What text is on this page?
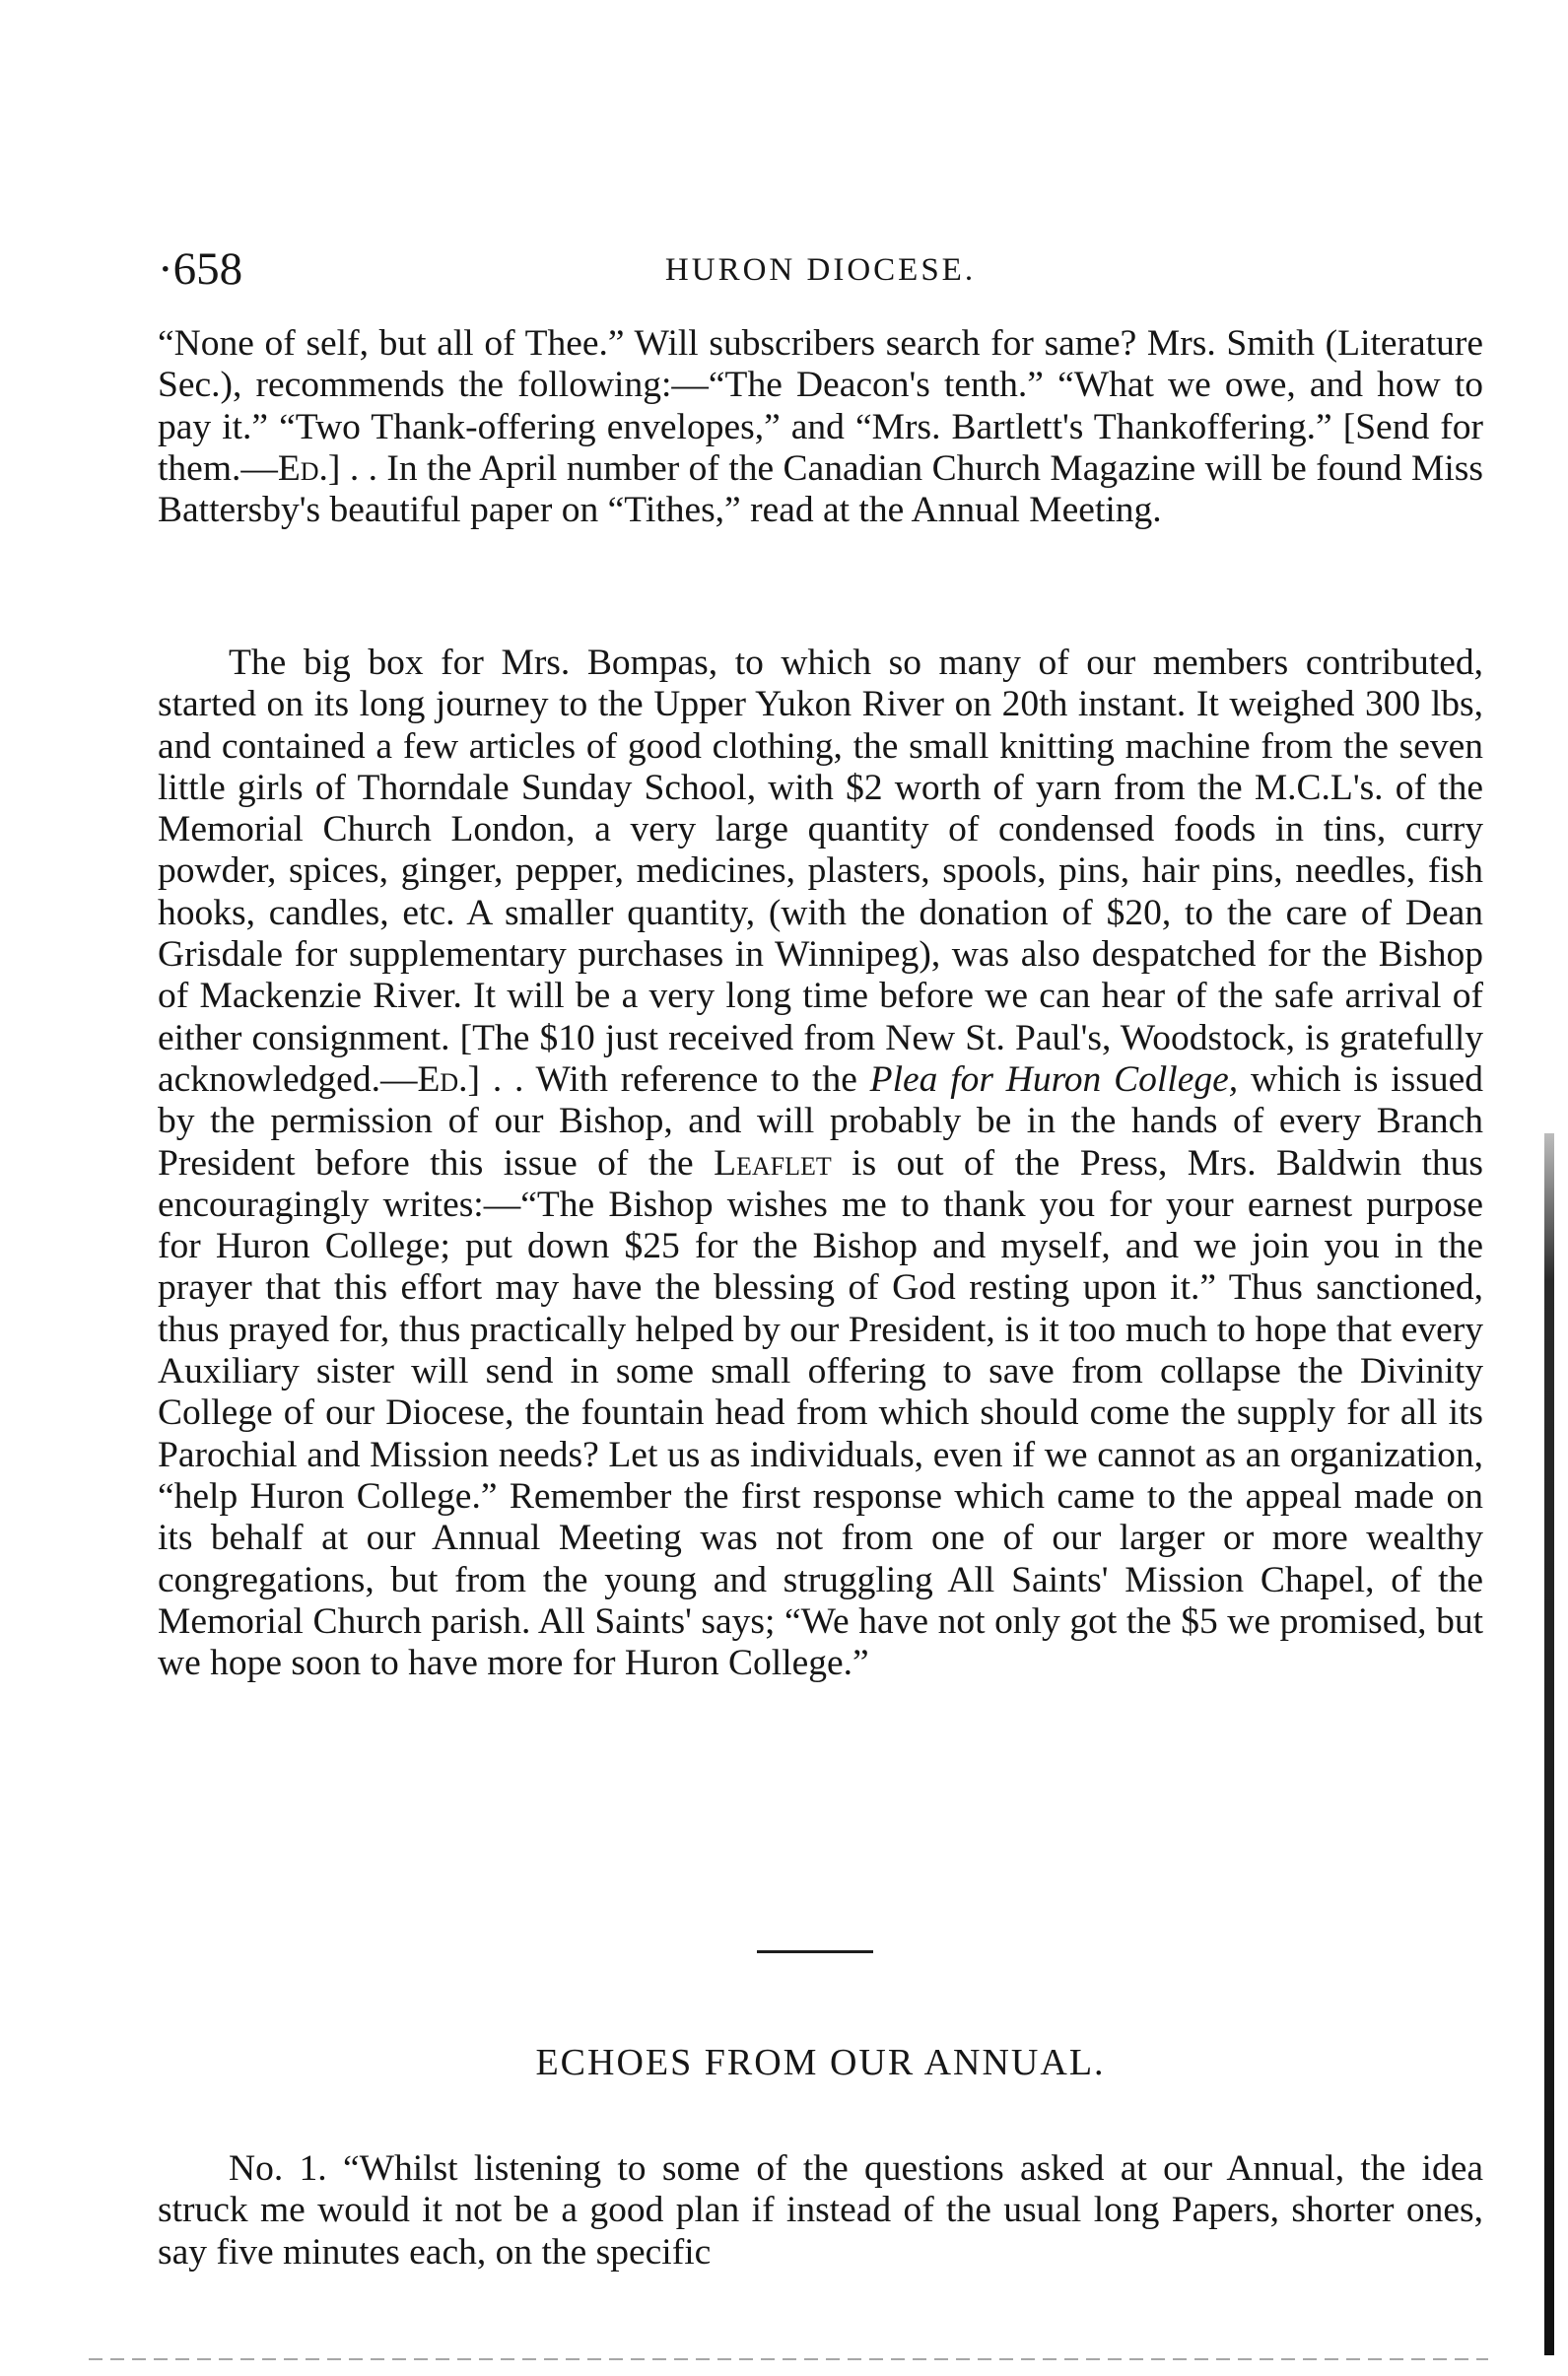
·658	HURON DIOCESE.

“None of self, but all of Thee.” Will subscribers search for same? Mrs. Smith (Literature Sec.), recommends the following:—“The Deacon's tenth.” “What we owe, and how to pay it.” “Two Thank-offering envelopes,” and “Mrs. Bartlett's Thankoffering.” [Send for them.—Ed.] . . In the April number of the Canadian Church Magazine will be found Miss Battersby's beautiful paper on “Tithes,” read at the Annual Meeting.

The big box for Mrs. Bompas, to which so many of our members contributed, started on its long journey to the Upper Yukon River on 20th instant. It weighed 300 lbs, and contained a few articles of good clothing, the small knitting machine from the seven little girls of Thorndale Sunday School, with $2 worth of yarn from the M.C.L's. of the Memorial Church London, a very large quantity of condensed foods in tins, curry powder, spices, ginger, pepper, medicines, plasters, spools, pins, hair pins, needles, fish hooks, candles, etc. A smaller quantity, (with the donation of $20, to the care of Dean Grisdale for supplementary purchases in Winnipeg), was also despatched for the Bishop of Mackenzie River. It will be a very long time before we can hear of the safe arrival of either consignment. [The $10 just received from New St. Paul's, Woodstock, is gratefully acknowledged.—Ed.] . . With reference to the Plea for Huron College, which is issued by the permission of our Bishop, and will probably be in the hands of every Branch President before this issue of the Leaflet is out of the Press, Mrs. Baldwin thus encouragingly writes:—“The Bishop wishes me to thank you for your earnest purpose for Huron College; put down $25 for the Bishop and myself, and we join you in the prayer that this effort may have the blessing of God resting upon it.” Thus sanctioned, thus prayed for, thus practically helped by our President, is it too much to hope that every Auxiliary sister will send in some small offering to save from collapse the Divinity College of our Diocese, the fountain head from which should come the supply for all its Parochial and Mission needs? Let us as individuals, even if we cannot as an organization, “help Huron College.” Remember the first response which came to the appeal made on its behalf at our Annual Meeting was not from one of our larger or more wealthy congregations, but from the young and struggling All Saints' Mission Chapel, of the Memorial Church parish. All Saints' says; “We have not only got the $5 we promised, but we hope soon to have more for Huron College.”

ECHOES FROM OUR ANNUAL.

No. 1. “Whilst listening to some of the questions asked at our Annual, the idea struck me would it not be a good plan if instead of the usual long Papers, shorter ones, say five minutes each, on the specific
